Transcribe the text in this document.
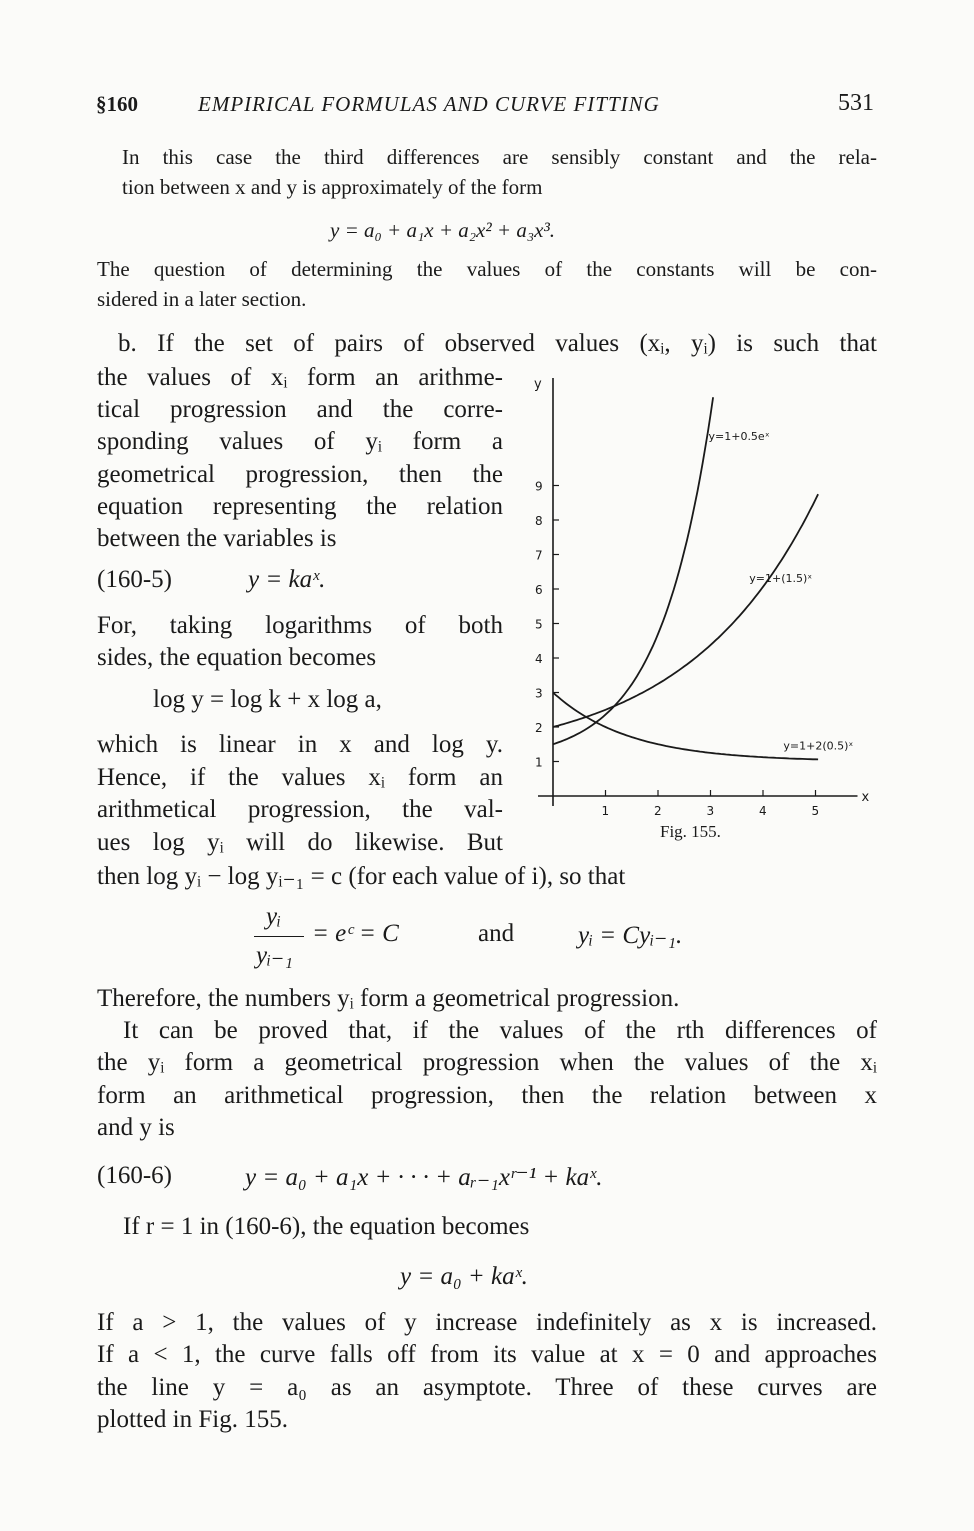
§160	EMPIRICAL FORMULAS AND CURVE FITTING	531
In this case the third differences are sensibly constant and the rela-
tion between x and y is approximately of the form
y = a₀ + a₁x + a₂x² + a₃x³.
The question of determining the values of the constants will be con-
sidered in a later section.
b. If the set of pairs of observed values (xᵢ, yᵢ) is such that
the values of xᵢ form an arithme-
tical progression and the corre-
sponding values of yᵢ form a
geometrical progression, then the
equation representing the relation
between the variables is
(160-5)	y = kaˣ.
For, taking logarithms of both
sides, the equation becomes
log y = log k + x log a,
which is linear in x and log y.
Hence, if the values xᵢ form an
arithmetical progression, the val-
ues log yᵢ will do likewise. But
then log yᵢ − log yᵢ₋₁ = c (for each value of i), so that
yᵢ
yᵢ₋₁
= eᶜ = C	and	yᵢ = Cyᵢ₋₁.
Therefore, the numbers yᵢ form a geometrical progression.
It can be proved that, if the values of the rth differences of
the yᵢ form a geometrical progression when the values of the xᵢ
form an arithmetical progression, then the relation between x
and y is
(160-6)	y = a₀ + a₁x + · · · + aᵣ₋₁xʳ⁻¹ + kaˣ.
If r = 1 in (160-6), the equation becomes
y = a₀ + kaˣ.
If a > 1, the values of y increase indefinitely as x is increased.
If a < 1, the curve falls off from its value at x = 0 and approaches
the line y = a₀ as an asymptote. Three of these curves are
plotted in Fig. 155.
y
x
1
2
3
4
5
6
7
8
9
1	2	3	4	5
y=1+0.5eˣ
y=1+(1.5)ˣ
y=1+2(0.5)ˣ
Fig. 155.
